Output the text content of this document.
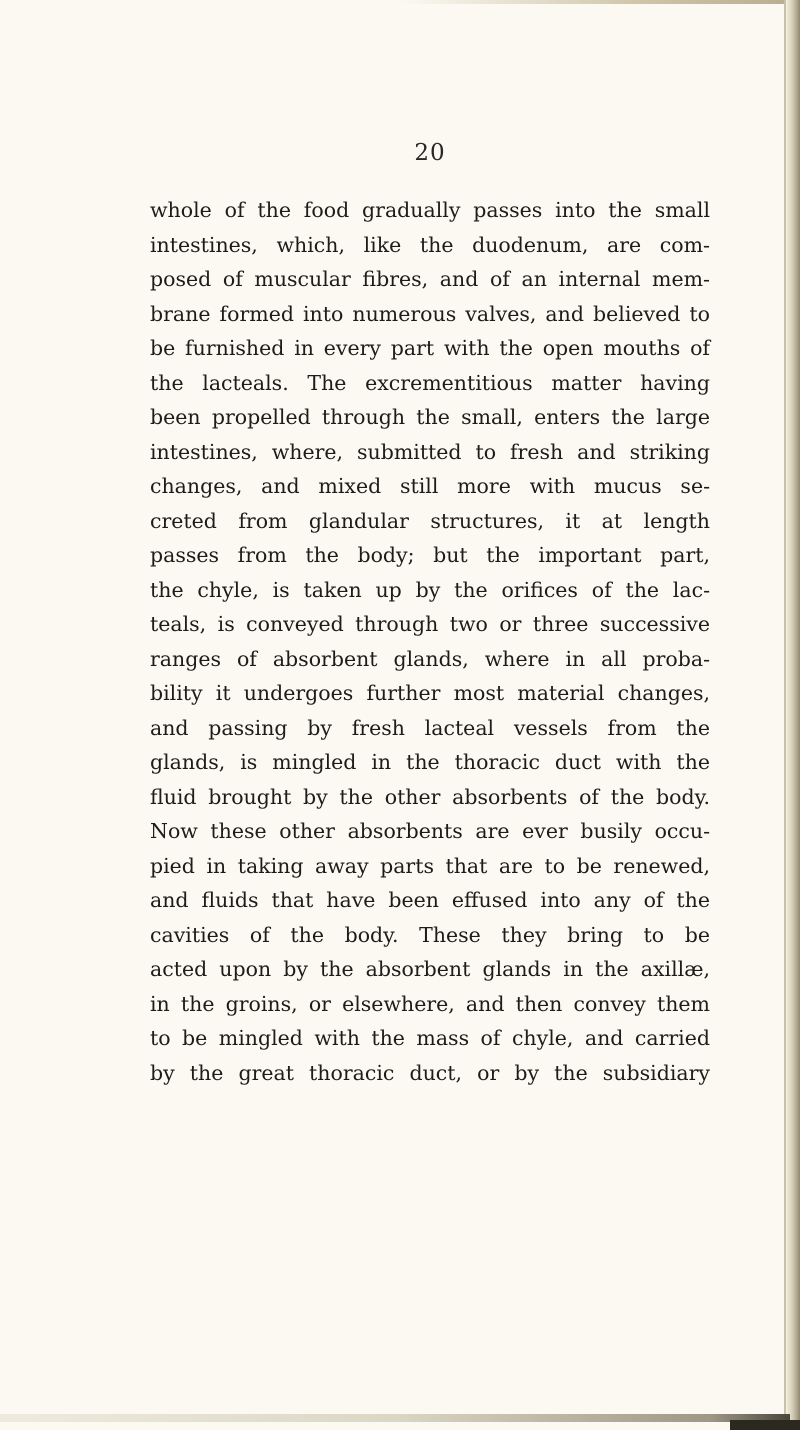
20
whole of the food gradually passes into the small
intestines, which, like the duodenum, are com-
posed of muscular fibres, and of an internal mem-
brane formed into numerous valves, and believed to
be furnished in every part with the open mouths of
the lacteals. The excrementitious matter having
been propelled through the small, enters the large
intestines, where, submitted to fresh and striking
changes, and mixed still more with mucus se-
creted from glandular structures, it at length
passes from the body; but the important part,
the chyle, is taken up by the orifices of the lac-
teals, is conveyed through two or three successive
ranges of absorbent glands, where in all proba-
bility it undergoes further most material changes,
and passing by fresh lacteal vessels from the
glands, is mingled in the thoracic duct with the
fluid brought by the other absorbents of the body.
Now these other absorbents are ever busily occu-
pied in taking away parts that are to be renewed,
and fluids that have been effused into any of the
cavities of the body. These they bring to be
acted upon by the absorbent glands in the axillæ,
in the groins, or elsewhere, and then convey them
to be mingled with the mass of chyle, and carried
by the great thoracic duct, or by the subsidiary
